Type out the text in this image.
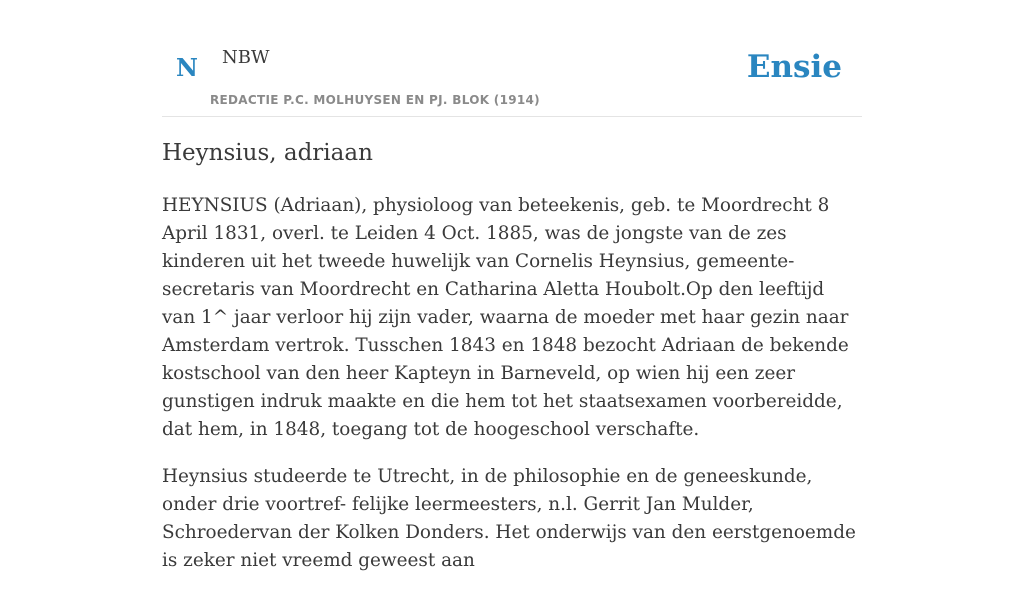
N NBW
REDACTIE P.C. MOLHUYSEN EN PJ. BLOK (1914)
Ensie
Heynsius, adriaan

HEYNSIUS (Adriaan), physioloog van beteekenis, geb. te Moordrecht 8 April 1831, overl. te Leiden 4 Oct. 1885, was de jongste van de zes kinderen uit het tweede huwelijk van Cornelis Heynsius, gemeente-secretaris van Moordrecht en Catharina Aletta Houbolt.Op den leeftijd van 1^ jaar verloor hij zijn vader, waarna de moeder met haar gezin naar Amsterdam vertrok. Tusschen 1843 en 1848 bezocht Adriaan de bekende kostschool van den heer Kapteyn in Barneveld, op wien hij een zeer gunstigen indruk maakte en die hem tot het staatsexamen voorbereidde, dat hem, in 1848, toegang tot de hoogeschool verschafte.

Heynsius studeerde te Utrecht, in de philosophie en de geneeskunde, onder drie voortref- felijke leermeesters, n.l. Gerrit Jan Mulder, Schroedervan der Kolken Donders. Het onderwijs van den eerstgenoemde is zeker niet vreemd geweest aan
